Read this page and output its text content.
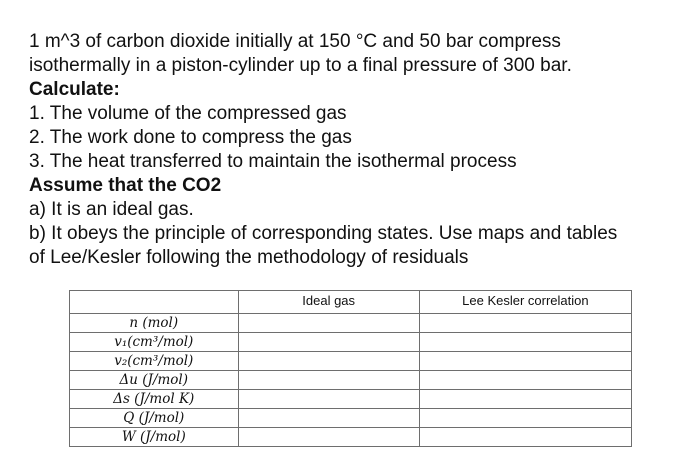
1 m^3 of carbon dioxide initially at 150 °C and 50 bar compress
isothermally in a piston-cylinder up to a final pressure of 300 bar.
Calculate:
1. The volume of the compressed gas
2. The work done to compress the gas
3. The heat transferred to maintain the isothermal process
Assume that the CO2
a) It is an ideal gas.
b) It obeys the principle of corresponding states. Use maps and tables
of Lee/Kesler following the methodology of residuals
	Ideal gas	Lee Kesler correlation
n (mol)		
v₁(cm³/mol)		
v₂(cm³/mol)		
Δu (J/mol)		
Δs (J/mol K)		
Q (J/mol)		
W (J/mol)		
